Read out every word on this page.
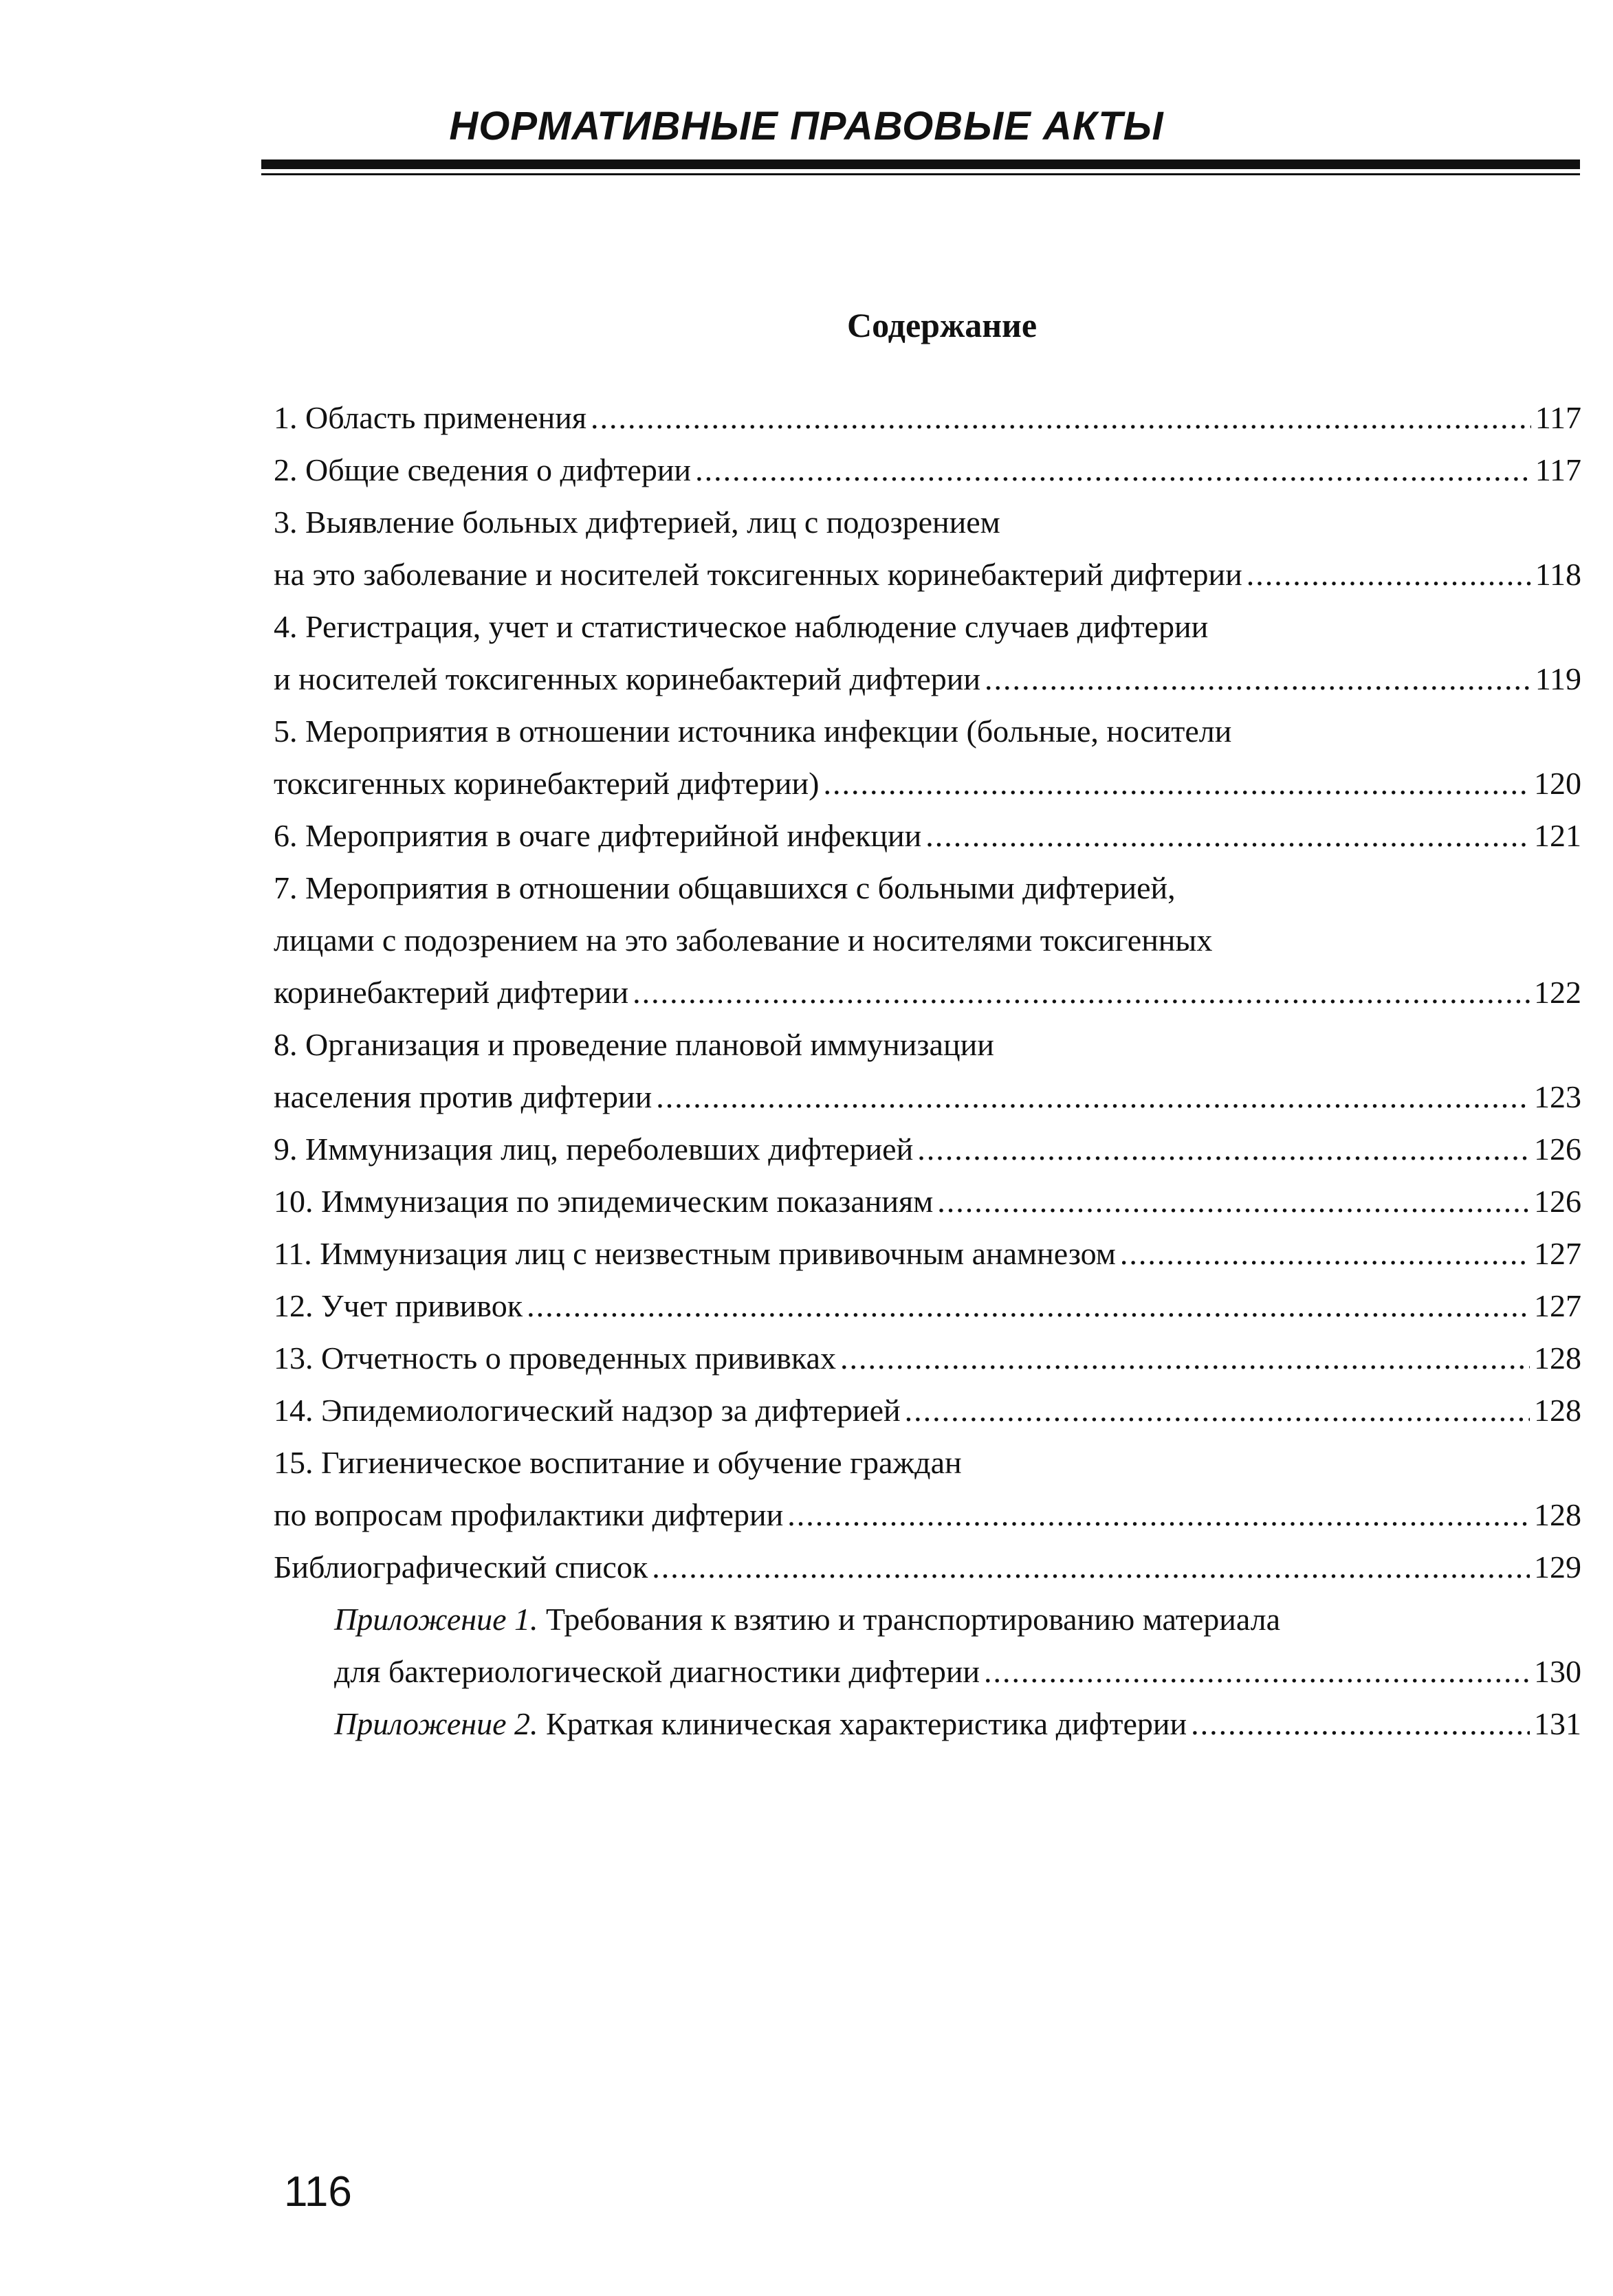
НОРМАТИВНЫЕ ПРАВОВЫЕ АКТЫ
Содержание
1. Область применения .....	117
2. Общие сведения о дифтерии .....	117
3. Выявление больных дифтерией, лиц с подозрением
на это заболевание и носителей токсигенных коринебактерий дифтерии .....	118
4. Регистрация, учет и статистическое наблюдение случаев дифтерии
и носителей токсигенных коринебактерий дифтерии .....	119
5. Мероприятия в отношении источника инфекции (больные, носители
токсигенных коринебактерий дифтерии) .....	120
6. Мероприятия в очаге дифтерийной инфекции .....	121
7. Мероприятия в отношении общавшихся с больными дифтерией,
лицами с подозрением на это заболевание и носителями токсигенных
коринебактерий дифтерии .....	122
8. Организация и проведение плановой иммунизации
населения против дифтерии .....	123
9. Иммунизация лиц, переболевших дифтерией .....	126
10. Иммунизация по эпидемическим показаниям .....	126
11. Иммунизация лиц с неизвестным прививочным анамнезом .....	127
12. Учет прививок .....	127
13. Отчетность о проведенных прививках .....	128
14. Эпидемиологический надзор за дифтерией .....	128
15. Гигиеническое воспитание и обучение граждан
по вопросам профилактики дифтерии .....	128
Библиографический список .....	129
Приложение 1.
Требования к взятию и транспортированию материала
для бактериологической диагностики дифтерии .....	130
Приложение 2.
Краткая клиническая характеристика дифтерии .....	131
116
